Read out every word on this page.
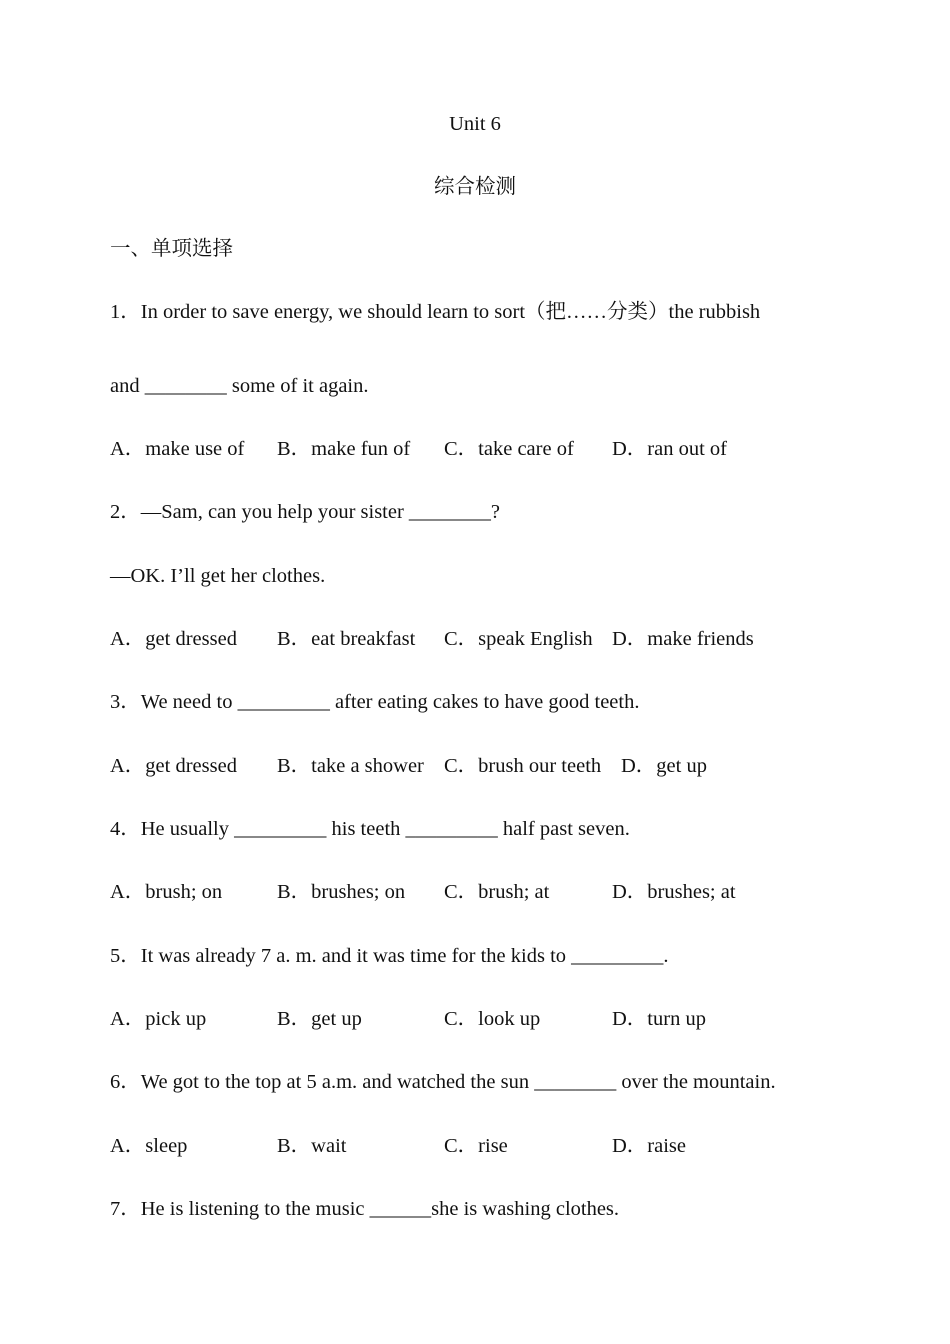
Unit 6
综合检测
一、单项选择
1．In order to save energy, we should learn to sort（把……分类）the rubbish
and ________ some of it again.
A．make use of B．make fun of C．take care of D．ran out of
2．—Sam, can you help your sister ________?
—OK. I’ll get her clothes.
A．get dressed B．eat breakfast C．speak English D．make friends
3．We need to _________ after eating cakes to have good teeth.
A．get dressed B．take a shower C．brush our teeth D．get up
4．He usually _________ his teeth _________ half past seven.
A．brush; on	B．brushes; on C．brush; at	D．brushes; at
5．It was already 7 a. m. and it was time for the kids to _________.
A．pick up	B．get up	C．look up	D．turn up
6．We got to the top at 5 a.m. and watched the sun ________ over the mountain.
A．sleep	B．wait	C．rise	D．raise
7．He is listening to the music ______she is washing clothes.
